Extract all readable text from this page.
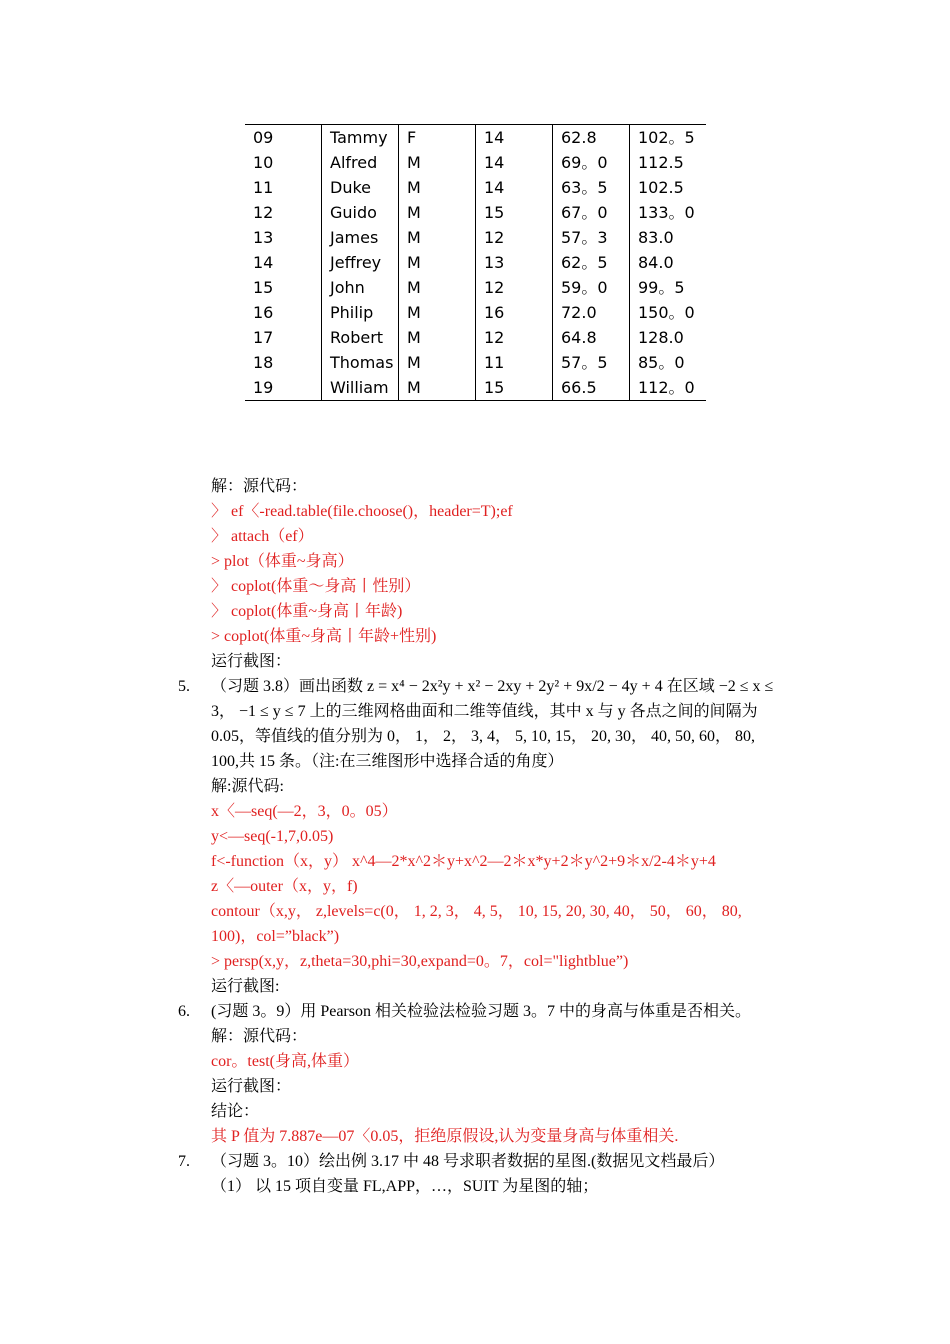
09	Tammy	F	14	62.8	102。5
10	Alfred	M	14	69。0	112.5
11	Duke	M	14	63。5	102.5
12	Guido	M	15	67。0	133。0
13	James	M	12	57。3	83.0
14	Jeffrey	M	13	62。5	84.0
15	John	M	12	59。0	99。5
16	Philip	M	16	72.0	150。0
17	Robert	M	12	64.8	128.0
18	Thomas	M	11	57。5	85。0
19	William	M	15	66.5	112。0
解：源代码：
〉 ef〈-read.table(file.choose()，header=T);ef
〉 attach（ef）
> plot（体重~身高）
〉 coplot(体重～身高丨性别）
〉 coplot(体重~身高丨年龄)
> coplot(体重~身高丨年龄+性别)
运行截图：
5. （习题 3.8）画出函数 z = x⁴ − 2x²y + x² − 2xy + 2y² + 9x/2 − 4y + 4 在区域 −2 ≤ x ≤
3， −1 ≤ y ≤ 7 上的三维网格曲面和二维等值线，其中 x 与 y 各点之间的间隔为
0.05，等值线的值分别为 0， 1， 2， 3, 4， 5, 10, 15， 20, 30， 40, 50, 60， 80,
100,共 15 条。（注:在三维图形中选择合适的角度）
解:源代码:
x〈—seq(—2，3，0。05）
y<—seq(-1,7,0.05)
f<-function（x，y） x^4—2*x^2＊y+x^2—2＊x*y+2＊y^2+9＊x/2-4＊y+4
z〈—outer（x，y，f)
contour（x,y， z,levels=c(0， 1, 2, 3， 4, 5， 10, 15, 20, 30, 40， 50， 60， 80,
100)，col=”black”)
> persp(x,y，z,theta=30,phi=30,expand=0。7，col="lightblue”)
运行截图:
6. (习题 3。9）用 Pearson 相关检验法检验习题 3。7 中的身高与体重是否相关。
解：源代码：
cor。test(身高,体重）
运行截图：
结论：
其 P 值为 7.887e—07〈0.05，拒绝原假设,认为变量身高与体重相关.
7. （习题 3。10）绘出例 3.17 中 48 号求职者数据的星图.(数据见文档最后）
（1） 以 15 项自变量 FL,APP，…，SUIT 为星图的轴；
